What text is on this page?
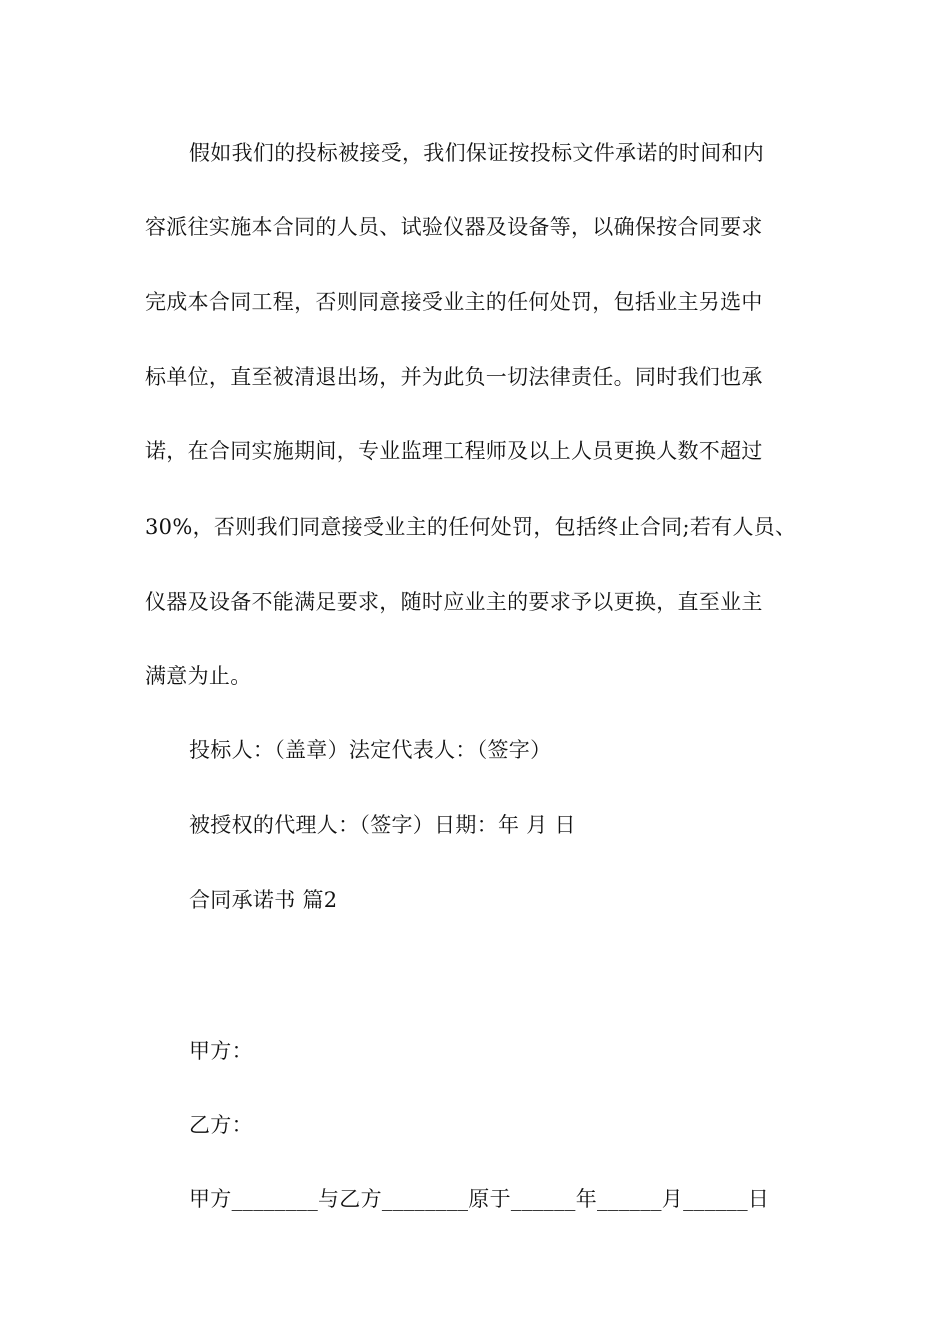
假如我们的投标被接受，我们保证按投标文件承诺的时间和内
容派往实施本合同的人员、试验仪器及设备等，以确保按合同要求
完成本合同工程，否则同意接受业主的任何处罚，包括业主另选中
标单位，直至被清退出场，并为此负一切法律责任。同时我们也承
诺，在合同实施期间，专业监理工程师及以上人员更换人数不超过
30%，否则我们同意接受业主的任何处罚，包括终止合同;若有人员、
仪器及设备不能满足要求，随时应业主的要求予以更换，直至业主
满意为止。
投标人：（盖章）法定代表人：（签字）
被授权的代理人：（签字）日期：年 月 日
合同承诺书 篇2
甲方：
乙方：
甲方________与乙方________原于______年______月______日
